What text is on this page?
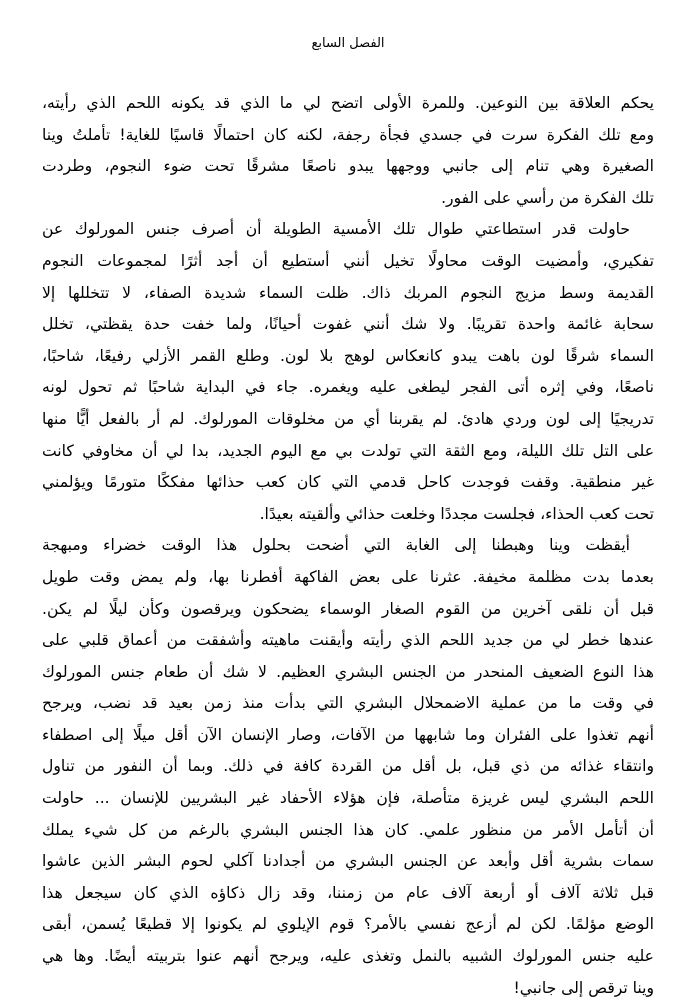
الفصل السابع
يحكم العلاقة بين النوعين. وللمرة الأولى اتضح لي ما الذي قد يكونه اللحم الذي رأيته،
ومع تلك الفكرة سرت في جسدي فجأة رجفة، لكنه كان احتمالًا قاسيًا للغاية! تأملتُ وينا
الصغيرة وهي تنام إلى جانبي ووجهها يبدو ناصعًا مشرقًا تحت ضوء النجوم، وطردت
تلك الفكرة من رأسي على الفور.
حاولت قدر استطاعتي طوال تلك الأمسية الطويلة أن أصرف جنس المورلوك عن
تفكيري، وأمضيت الوقت محاولًا تخيل أنني أستطيع أن أجد أثرًا لمجموعات النجوم
القديمة وسط مزيج النجوم المربك ذاك. ظلت السماء شديدة الصفاء، لا تتخللها إلا
سحابة غائمة واحدة تقريبًا. ولا شك أنني غفوت أحيانًا، ولما خفت حدة يقظتي، تخلل
السماء شرقًا لون باهت يبدو كانعكاس لوهج بلا لون. وطلع القمر الأزلي رفيعًا، شاحبًا،
ناصعًا، وفي إثره أتى الفجر ليطغى عليه ويغمره. جاء في البداية شاحبًا ثم تحول لونه
تدريجيًا إلى لون وردي هادئ. لم يقربنا أي من مخلوقات المورلوك. لم أر بالفعل أيًّا منها
على التل تلك الليلة، ومع الثقة التي تولدت بي مع اليوم الجديد، بدا لي أن مخاوفي كانت
غير منطقية. وقفت فوجدت كاحل قدمي التي كان كعب حذائها مفككًا متورمًا ويؤلمني
تحت كعب الحذاء، فجلست مجددًا وخلعت حذائي وألقيته بعيدًا.
أيقظت وينا وهبطنا إلى الغابة التي أضحت بحلول هذا الوقت خضراء ومبهجة
بعدما بدت مظلمة مخيفة. عثرنا على بعض الفاكهة أفطرنا بها، ولم يمض وقت طويل
قبل أن نلقى آخرين من القوم الصغار الوسماء يضحكون ويرقصون وكأن ليلًا لم يكن.
عندها خطر لي من جديد اللحم الذي رأيته وأيقنت ماهيته وأشفقت من أعماق قلبي على
هذا النوع الضعيف المنحدر من الجنس البشري العظيم. لا شك أن طعام جنس المورلوك
في وقت ما من عملية الاضمحلال البشري التي بدأت منذ زمن بعيد قد نضب، ويرجح
أنهم تغذوا على الفئران وما شابهها من الآفات، وصار الإنسان الآن أقل ميلًا إلى اصطفاء
وانتقاء غذائه من ذي قبل، بل أقل من القردة كافة في ذلك. وبما أن النفور من تناول
اللحم البشري ليس غريزة متأصلة، فإن هؤلاء الأحفاد غير البشريين للإنسان ... حاولت
أن أتأمل الأمر من منظور علمي. كان هذا الجنس البشري بالرغم من كل شيء يملك
سمات بشرية أقل وأبعد عن الجنس البشري من أجدادنا آكلي لحوم البشر الذين عاشوا
قبل ثلاثة آلاف أو أربعة آلاف عام من زمننا، وقد زال ذكاؤه الذي كان سيجعل هذا
الوضع مؤلمًا. لكن لم أزعج نفسي بالأمر؟ قوم الإيلوي لم يكونوا إلا قطيعًا يُسمن، أبقى
عليه جنس المورلوك الشبيه بالنمل وتغذى عليه، ويرجح أنهم عنوا بتربيته أيضًا. وها هي
وينا ترقص إلى جانبي!
